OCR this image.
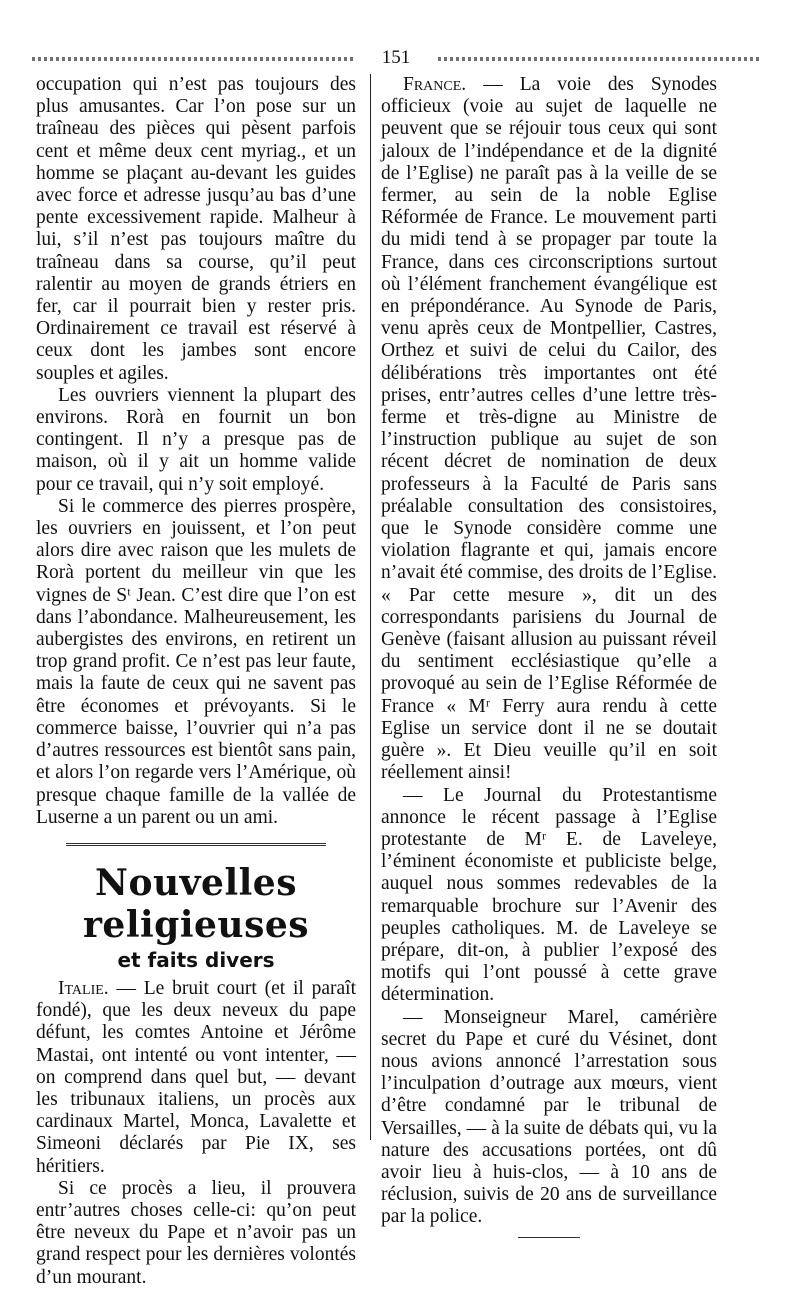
151

occupation qui n’est pas toujours des plus amusantes. Car l’on pose sur un traîneau des pièces qui pèsent parfois cent et même deux cent myriag., et un homme se plaçant au-devant les guides avec force et adresse jusqu’au bas d’une pente excessivement rapide. Malheur à lui, s’il n’est pas toujours maître du traîneau dans sa course, qu’il peut ralentir au moyen de grands étriers en fer, car il pourrait bien y rester pris. Ordinairement ce travail est réservé à ceux dont les jambes sont encore souples et agiles.

Les ouvriers viennent la plupart des environs. Rorà en fournit un bon contingent. Il n’y a presque pas de maison, où il y ait un homme valide pour ce travail, qui n’y soit employé.

Si le commerce des pierres prospère, les ouvriers en jouissent, et l’on peut alors dire avec raison que les mulets de Rorà portent du meilleur vin que les vignes de Sᵗ Jean. C’est dire que l’on est dans l’abondance. Malheureusement, les aubergistes des environs, en retirent un trop grand profit. Ce n’est pas leur faute, mais la faute de ceux qui ne savent pas être économes et prévoyants. Si le commerce baisse, l’ouvrier qui n’a pas d’autres ressources est bientôt sans pain, et alors l’on regarde vers l’Amérique, où presque chaque famille de la vallée de Luserne a un parent ou un ami.

Nouvelles religieuses
et faits divers

Italie. — Le bruit court (et il paraît fondé), que les deux neveux du pape défunt, les comtes Antoine et Jérôme Mastai, ont intenté ou vont intenter, — on comprend dans quel but, — devant les tribunaux italiens, un procès aux cardinaux Martel, Monca, Lavalette et Simeoni déclarés par Pie IX, ses héritiers.

Si ce procès a lieu, il prouvera entr’autres choses celle-ci: qu’on peut être neveux du Pape et n’avoir pas un grand respect pour les dernières volontés d’un mourant.

France. — La voie des Synodes officieux (voie au sujet de laquelle ne peuvent que se réjouir tous ceux qui sont jaloux de l’indépendance et de la dignité de l’Eglise) ne paraît pas à la veille de se fermer, au sein de la noble Eglise Réformée de France. Le mouvement parti du midi tend à se propager par toute la France, dans ces circonscriptions surtout où l’élément franchement évangélique est en prépondérance. Au Synode de Paris, venu après ceux de Montpellier, Castres, Orthez et suivi de celui du Cailor, des délibérations très importantes ont été prises, entr’autres celles d’une lettre très-ferme et très-digne au Ministre de l’instruction publique au sujet de son récent décret de nomination de deux professeurs à la Faculté de Paris sans préalable consultation des consistoires, que le Synode considère comme une violation flagrante et qui, jamais encore n’avait été commise, des droits de l’Eglise. « Par cette mesure », dit un des correspondants parisiens du Journal de Genève (faisant allusion au puissant réveil du sentiment ecclésiastique qu’elle a provoqué au sein de l’Eglise Réformée de France « Mʳ Ferry aura rendu à cette Eglise un service dont il ne se doutait guère ». Et Dieu veuille qu’il en soit réellement ainsi!

— Le Journal du Protestantisme annonce le récent passage à l’Eglise protestante de Mʳ E. de Laveleye, l’éminent économiste et publiciste belge, auquel nous sommes redevables de la remarquable brochure sur l’Avenir des peuples catholiques. M. de Laveleye se prépare, dit-on, à publier l’exposé des motifs qui l’ont poussé à cette grave détermination.

— Monseigneur Marel, camérière secret du Pape et curé du Vésinet, dont nous avions annoncé l’arrestation sous l’inculpation d’outrage aux mœurs, vient d’être condamné par le tribunal de Versailles, — à la suite de débats qui, vu la nature des accusations portées, ont dû avoir lieu à huis-clos, — à 10 ans de réclusion, suivis de 20 ans de surveillance par la police.
